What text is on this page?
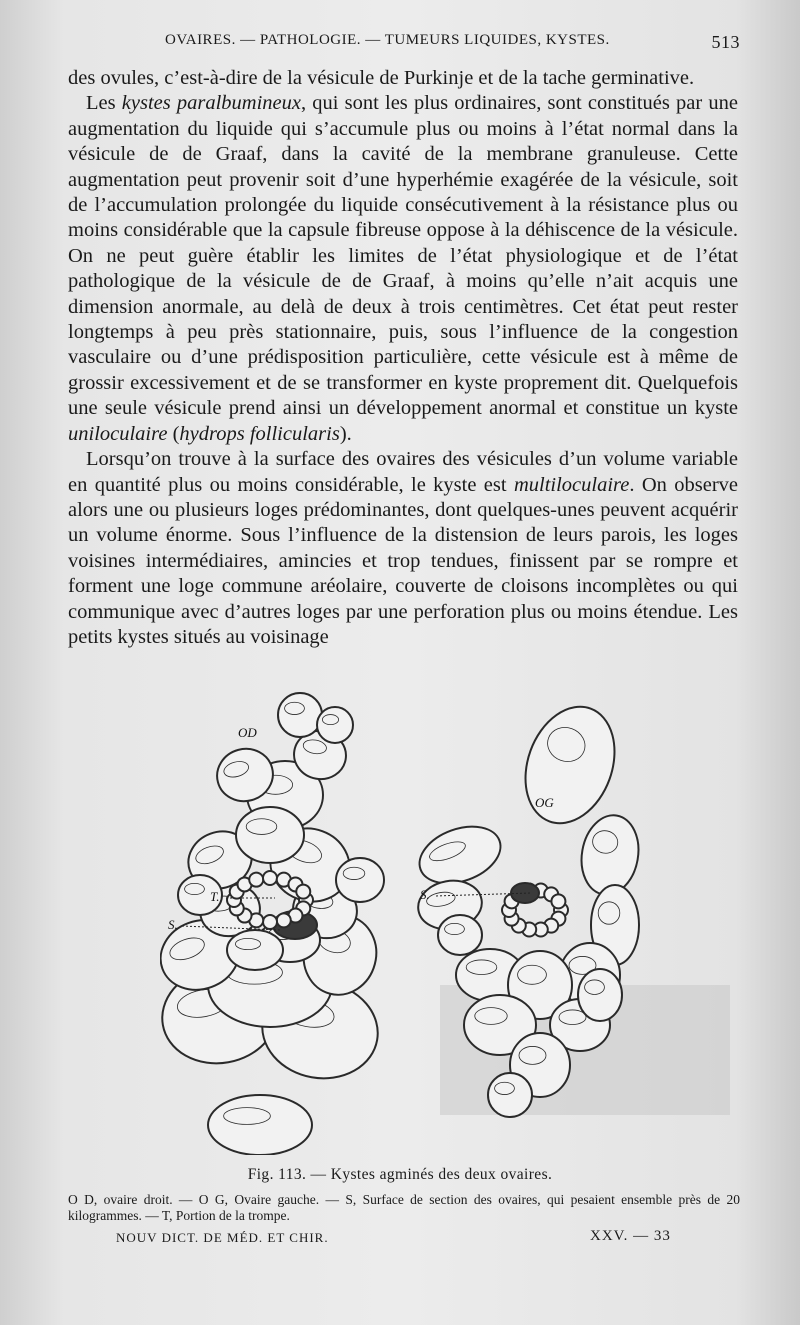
OVAIRES. — PATHOLOGIE. — TUMEURS LIQUIDES, KYSTES.	513

des ovules, c’est-à-dire de la vésicule de Purkinje et de la tache germinative.

Les kystes paralbumineux, qui sont les plus ordinaires, sont constitués par une augmentation du liquide qui s’accumule plus ou moins à l’état normal dans la vésicule de de Graaf, dans la cavité de la membrane granuleuse. Cette augmentation peut provenir soit d’une hyperhémie exagérée de la vésicule, soit de l’accumulation prolongée du liquide consécutivement à la résistance plus ou moins considérable que la capsule fibreuse oppose à la déhiscence de la vésicule. On ne peut guère établir les limites de l’état physiologique et de l’état pathologique de la vésicule de de Graaf, à moins qu’elle n’ait acquis une dimension anormale, au delà de deux à trois centimètres. Cet état peut rester longtemps à peu près stationnaire, puis, sous l’influence de la congestion vasculaire ou d’une prédisposition particulière, cette vésicule est à même de grossir excessivement et de se transformer en kyste proprement dit. Quelquefois une seule vésicule prend ainsi un développement anormal et constitue un kyste uniloculaire (hydrops follicularis).

Lorsqu’on trouve à la surface des ovaires des vésicules d’un volume variable en quantité plus ou moins considérable, le kyste est multiloculaire. On observe alors une ou plusieurs loges prédominantes, dont quelques-unes peuvent acquérir un volume énorme. Sous l’influence de la distension de leurs parois, les loges voisines intermédiaires, amincies et trop tendues, finissent par se rompre et forment une loge commune aréolaire, couverte de cloisons incomplètes ou qui communique avec d’autres loges par une perforation plus ou moins étendue. Les petits kystes situés au voisinage

OD
OG
T.
S.
S.
Fig. 113. — Kystes agminés des deux ovaires.
O D, ovaire droit. — O G, Ovaire gauche. — S, Surface de section des ovaires, qui pesaient ensemble près de 20 kilogrammes. — T, Portion de la trompe.
NOUV DICT. DE MÉD. ET CHIR.	XXV. — 33
